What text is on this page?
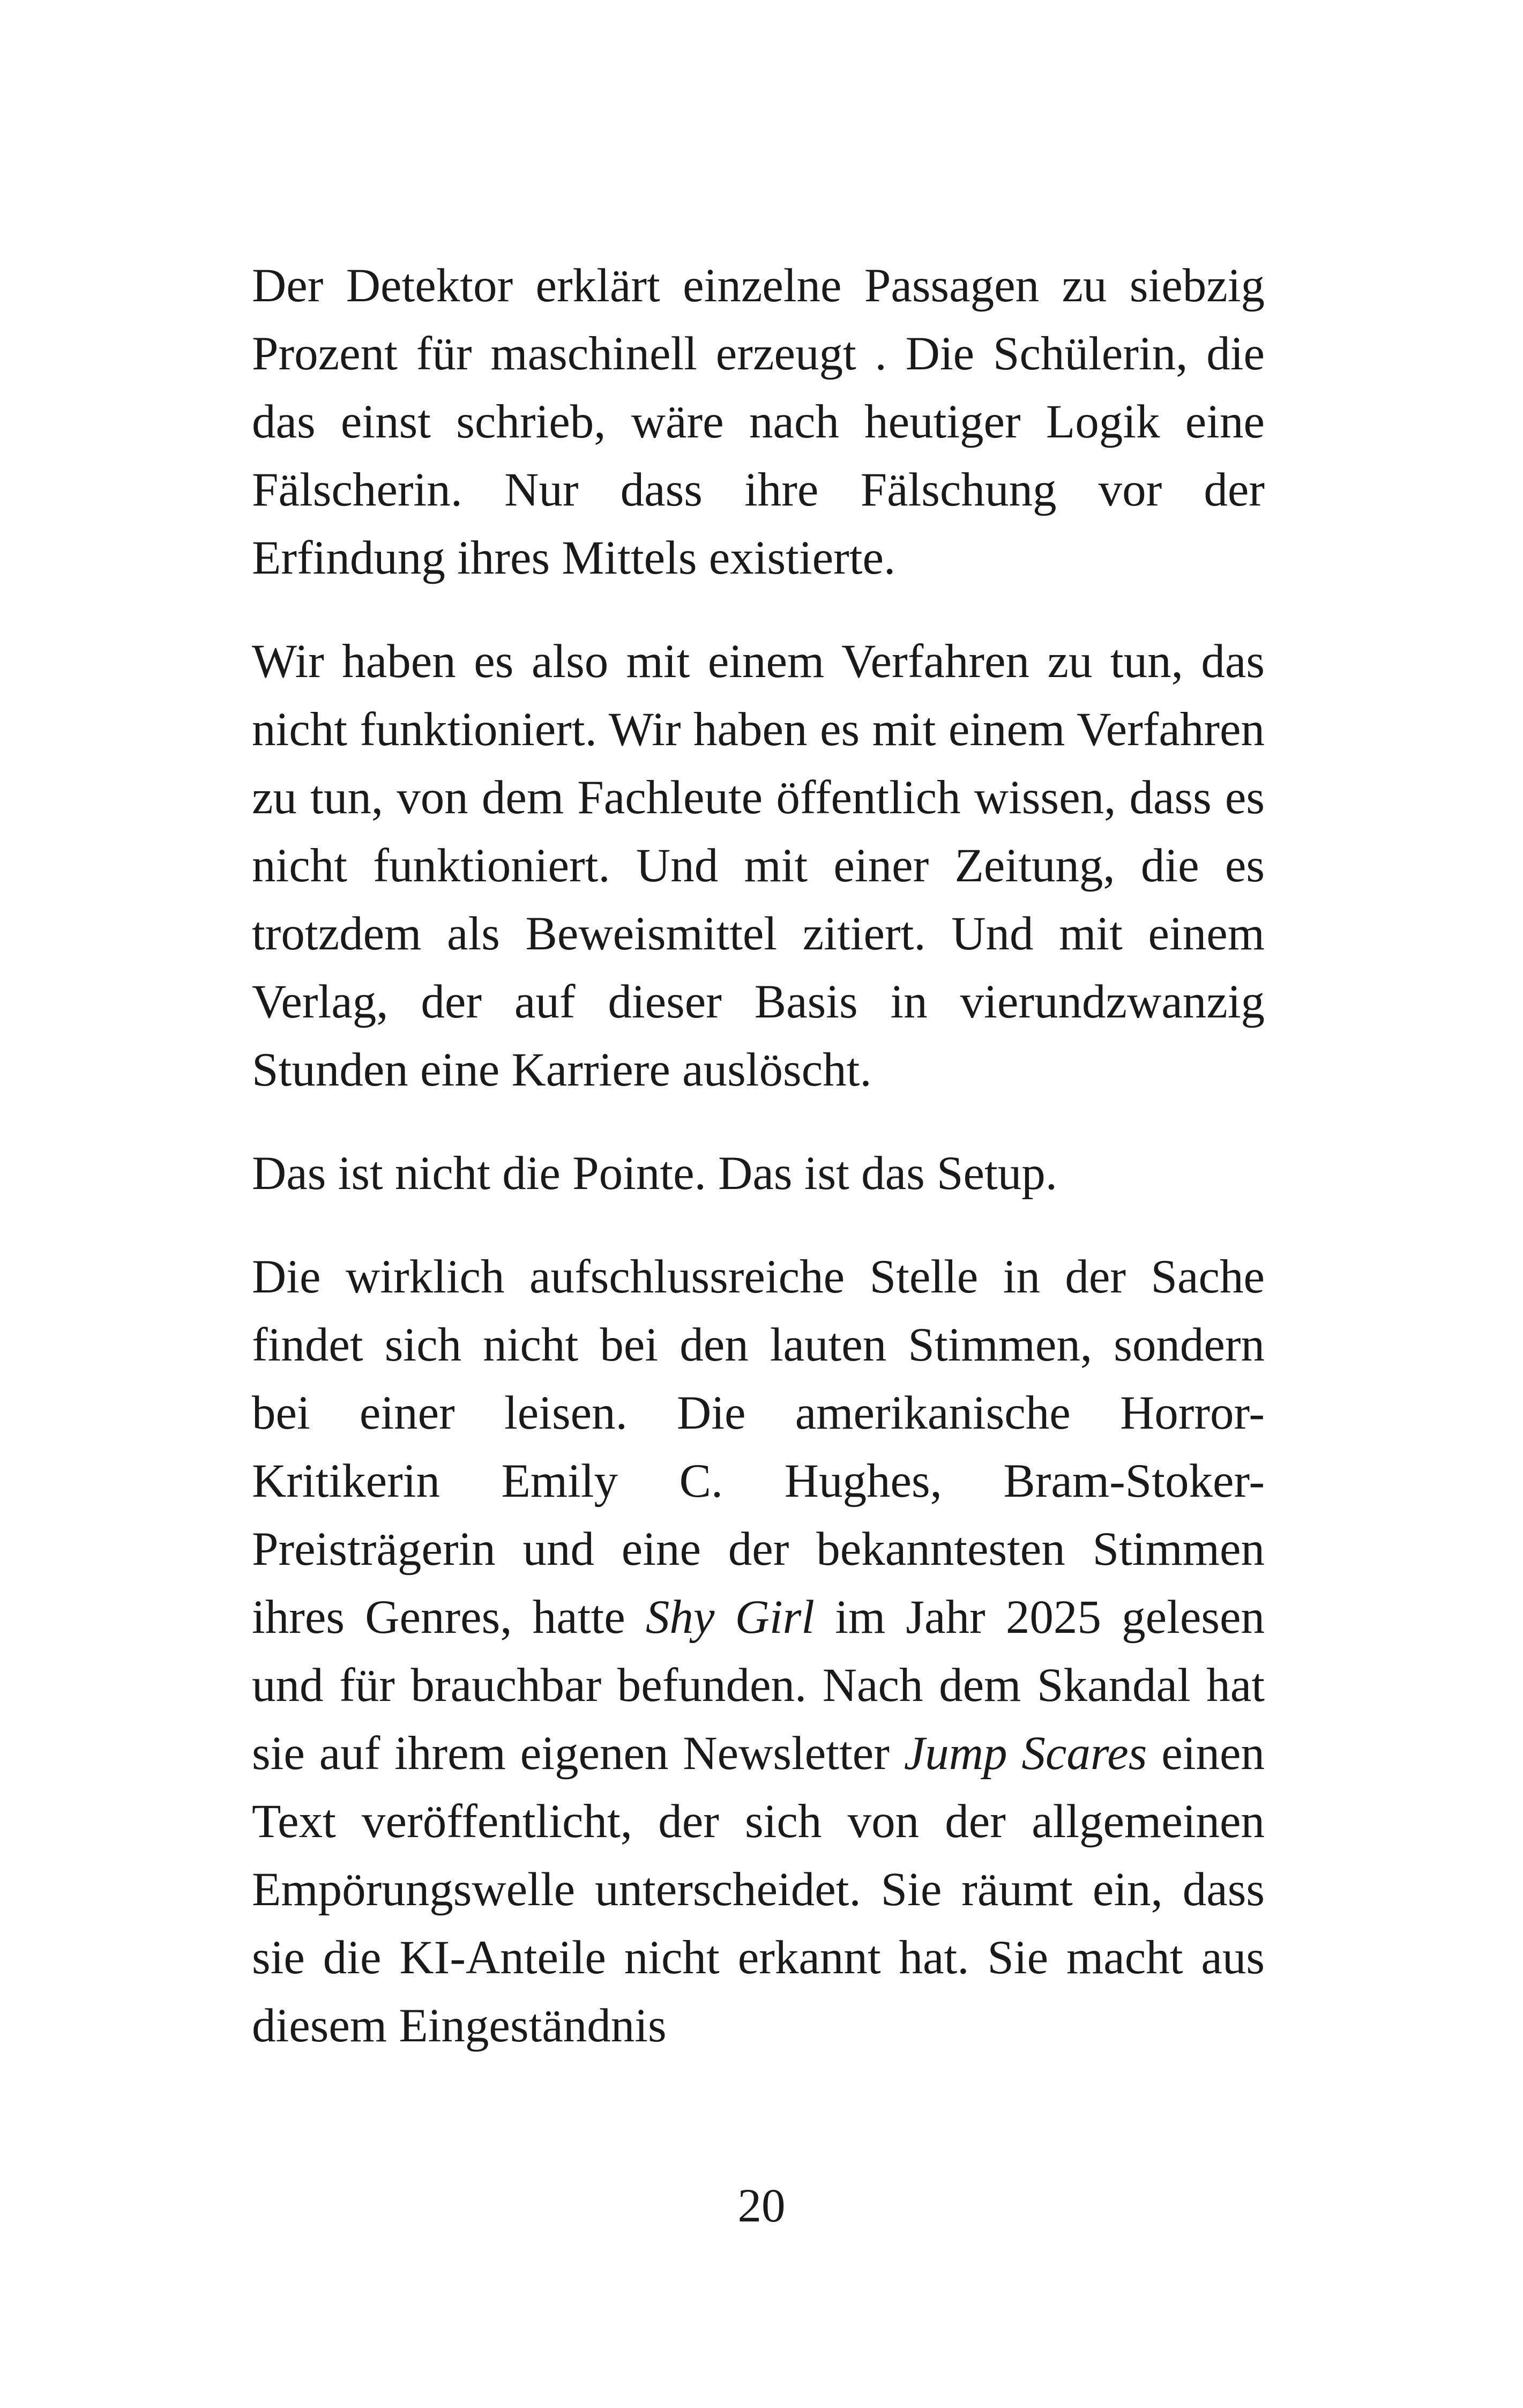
Der Detektor erklärt einzelne Passagen zu siebzig Prozent für maschinell erzeugt . Die Schülerin, die das einst schrieb, wäre nach heutiger Logik eine Fälscherin. Nur dass ihre Fälschung vor der Erfindung ihres Mittels existierte.

Wir haben es also mit einem Verfahren zu tun, das nicht funktioniert. Wir haben es mit einem Verfahren zu tun, von dem Fachleute öffentlich wissen, dass es nicht funktioniert. Und mit einer Zeitung, die es trotzdem als Beweismittel zitiert. Und mit einem Verlag, der auf dieser Basis in vierundzwanzig Stunden eine Karriere auslöscht.

Das ist nicht die Pointe. Das ist das Setup.

Die wirklich aufschlussreiche Stelle in der Sache findet sich nicht bei den lauten Stimmen, sondern bei einer leisen. Die amerikanische Horror-Kritikerin Emily C. Hughes, Bram-Stoker-Preisträgerin und eine der bekanntesten Stimmen ihres Genres, hatte Shy Girl im Jahr 2025 gelesen und für brauchbar befunden. Nach dem Skandal hat sie auf ihrem eigenen Newsletter Jump Scares einen Text veröffentlicht, der sich von der allgemeinen Empörungswelle unterscheidet. Sie räumt ein, dass sie die KI-Anteile nicht erkannt hat. Sie macht aus diesem Eingeständnis

20
